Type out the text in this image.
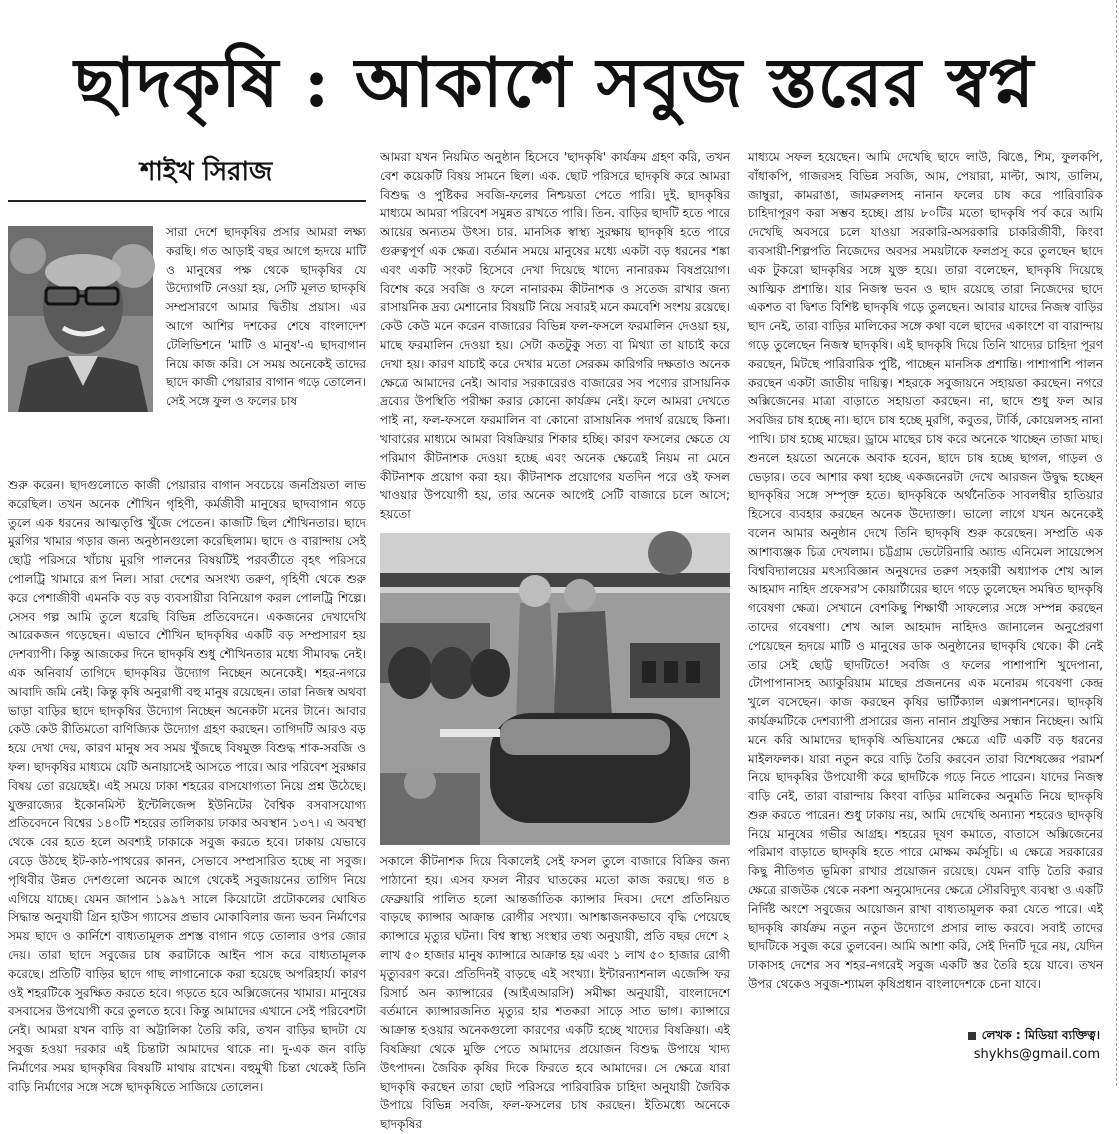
ছাদকৃষি : আকাশে সবুজ স্তরের স্বপ্ন
শাইখ সিরাজ

সারা দেশে ছাদকৃষির প্রসার আমরা লক্ষ্য করছি। গত আড়াই বছর আগে হৃদয়ে মাটি ও মানুষের পক্ষ থেকে ছাদকৃষির যে উদ্যোগটি নেওয়া হয়, সেটি মূলত ছাদকৃষি সম্প্রসারণে আমার দ্বিতীয় প্রয়াস। এর আগে আশির দশকের শেষে বাংলাদেশ টেলিভিশনে 'মাটি ও মানুষ'-এ ছাদবাগান নিয়ে কাজ করি। সে সময় অনেকেই তাদের ছাদে কাজী পেয়ারার বাগান গড়ে তোলেন। সেই সঙ্গে ফুল ও ফলের চাষ

শুরু করেন। ছাদগুলোতে কাজী পেয়ারার বাগান সবচেয়ে জনপ্রিয়তা লাভ করেছিল। তখন অনেক শৌখিন গৃহিণী, কর্মজীবী মানুষের ছাদবাগান গড়ে তুলে এক ধরনের আত্মতৃপ্তি খুঁজে পেতেন। কাজটি ছিল শৌখিনতার। ছাদে মুরগির খামার গড়ার জন্য অনুষ্ঠানগুলো করেছিলাম। ছাদে ও বারান্দায় সেই ছোট্ট পরিসরে খাঁচায় মুরগি পালনের বিষয়টিই পরবর্তীতে বৃহৎ পরিসরে পোলট্রি খামারে রূপ নিল। সারা দেশের অসংখ্য তরুণ, গৃহিণী থেকে শুরু করে পেশাজীবী এমনকি বড় বড় ব্যবসায়ীরা বিনিয়োগ করল পোলট্রি শিল্পে। সেসব গল্প আমি তুলে ধরেছি বিভিন্ন প্রতিবেদনে। একজনের দেখাদেখি আরেকজন গড়েছেন। এভাবে শৌখিন ছাদকৃষির একটি বড় সম্প্রসারণ হয় দেশব্যাপী। কিন্তু আজকের দিনে ছাদকৃষি শুধু শৌখিনতার মধ্যে সীমাবদ্ধ নেই। এক অনিবার্য তাগিদে ছাদকৃষির উদ্যোগ নিচ্ছেন অনেকেই। শহর-নগরে আবাদি জমি নেই। কিন্তু কৃষি অনুরাগী বহু মানুষ রয়েছেন। তারা নিজস্ব অথবা ভাড়া বাড়ির ছাদে ছাদকৃষির উদ্যোগ নিচ্ছেন অনেকটা মনের টানে। আবার কেউ কেউ রীতিমতো বাণিজ্যিক উদ্যোগ গ্রহণ করছেন। তাগিদটি আরও বড় হয়ে দেখা দেয়, কারণ মানুষ সব সময় খুঁজছে বিষমুক্ত বিশুদ্ধ শাক-সবজি ও ফল। ছাদকৃষির মাধ্যমে যেটি অনায়াসেই আসতে পারে। আর পরিবেশ সুরক্ষার বিষয় তো রয়েছেই। এই সময়ে ঢাকা শহরের বাসযোগ্যতা নিয়ে প্রশ্ন উঠেছে। যুক্তরাজ্যের ইকোনমিস্ট ইন্টেলিজেন্স ইউনিটের বৈশ্বিক বসবাসযোগ্য প্রতিবেদনে বিশ্বের ১৪০টি শহরের তালিকায় ঢাকার অবস্থান ১৩৭। এ অবস্থা থেকে বের হতে হলে অবশ্যই ঢাকাকে সবুজ করতে হবে। ঢাকায় যেভাবে বেড়ে উঠছে ইট-কাঠ-পাথরের কানন, সেভাবে সম্প্রসারিত হচ্ছে না সবুজ। পৃথিবীর উন্নত দেশগুলো অনেক আগে থেকেই সবুজায়নের তাগিদ নিয়ে এগিয়ে যাচ্ছে। যেমন জাপান ১৯৯৭ সালে কিয়োটো প্রটোকলের ঘোষিত সিদ্ধান্ত অনুযায়ী গ্রিন হাউস গ্যাসের প্রভাব মোকাবিলার জন্য ভবন নির্মাণের সময় ছাদে ও কার্নিশে বাধ্যতামূলক প্রশস্ত বাগান গড়ে তোলার ওপর জোর দেয়। তারা ছাদে সবুজের চাষ করাটাকে আইন পাস করে বাধ্যতামূলক করেছে। প্রতিটি বাড়ির ছাদে গাছ লাগানোকে করা হয়েছে অপরিহার্য। কারণ ওই শহরটিকে সুরক্ষিত করতে হবে। গড়তে হবে অক্সিজেনের খামার। মানুষের বসবাসের উপযোগী করে তুলতে হবে। কিন্তু আমাদের এখানে সেই পরিবেশটা নেই। আমরা যখন বাড়ি বা অট্টালিকা তৈরি করি, তখন বাড়ির ছাদটা যে সবুজ হওয়া দরকার এই চিন্তাটা আমাদের থাকে না। দু-এক জন বাড়ি নির্মাণের সময় ছাদকৃষির বিষয়টি মাথায় রাখেন। বহুমুখী চিন্তা থেকেই তিনি বাড়ি নির্মাণের সঙ্গে সঙ্গে ছাদকৃষিতে সাজিয়ে তোলেন।

আমরা যখন নিয়মিত অনুষ্ঠান হিসেবে 'ছাদকৃষি' কার্যক্রম গ্রহণ করি, তখন বেশ কয়েকটি বিষয় সামনে ছিল। এক. ছোট পরিসরে ছাদকৃষি করে আমরা বিশুদ্ধ ও পুষ্টিকর সবজি-ফলের নিশ্চয়তা পেতে পারি। দুই. ছাদকৃষির মাধ্যমে আমরা পরিবেশ সমুন্নত রাখতে পারি। তিন. বাড়ির ছাদটি হতে পারে আয়ের অন্যতম উৎস। চার. মানসিক স্বাস্থ্য সুরক্ষায় ছাদকৃষি হতে পারে গুরুত্বপূর্ণ এক ক্ষেত্র। বর্তমান সময়ে মানুষের মধ্যে একটা বড় ধরনের শঙ্কা এবং একটি সংকট হিসেবে দেখা দিয়েছে খাদ্যে নানারকম বিষপ্রয়োগ। বিশেষ করে সবজি ও ফলে নানারকম কীটনাশক ও সতেজ রাখার জন্য রাসায়নিক দ্রব্য মেশানোর বিষয়টি নিয়ে সবারই মনে কমবেশি সংশয় রয়েছে। কেউ কেউ মনে করেন বাজারের বিভিন্ন ফল-ফসলে ফরমালিন দেওয়া হয়, মাছে ফরমালিন দেওয়া হয়। সেটা কতটুকু সত্য বা মিথ্যা তা যাচাই করে দেখা হয়। কারণ যাচাই করে দেখার মতো সেরকম কারিগরি দক্ষতাও অনেক ক্ষেত্রে আমাদের নেই। আবার সরকারেরও বাজারের সব পণ্যের রাসায়নিক দ্রব্যের উপস্থিতি পরীক্ষা করার কোনো কার্যক্রম নেই। ফলে আমরা দেখতে পাই না, ফল-ফসলে ফরমালিন বা কোনো রাসায়নিক পদার্থ রয়েছে কিনা। খাবারের মাধ্যমে আমরা বিষক্রিয়ার শিকার হচ্ছি। কারণ ফসলের ক্ষেতে যে পরিমাণ কীটনাশক দেওয়া হচ্ছে এবং অনেক ক্ষেত্রেই নিয়ম না মেনে কীটনাশক প্রয়োগ করা হয়। কীটনাশক প্রয়োগের যতদিন পরে ওই ফসল খাওয়ার উপযোগী হয়, তার অনেক আগেই সেটি বাজারে চলে আসে; হয়তো

সকালে কীটনাশক দিয়ে বিকালেই সেই ফসল তুলে বাজারে বিক্রির জন্য পাঠানো হয়। এসব ফসল নীরব ঘাতকের মতো কাজ করছে। গত ৪ ফেব্রুয়ারি পালিত হলো আন্তর্জাতিক ক্যান্সার দিবস। দেশে প্রতিনিয়ত বাড়ছে ক্যান্সার আক্রান্ত রোগীর সংখ্যা। আশঙ্কাজনকভাবে বৃদ্ধি পেয়েছে ক্যান্সারে মৃত্যুর ঘটনা। বিশ্ব স্বাস্থ্য সংস্থার তথ্য অনুযায়ী, প্রতি বছর দেশে ২ লাখ ৫০ হাজার মানুষ ক্যান্সারে আক্রান্ত হয় এবং ১ লাখ ৫০ হাজার রোগী মৃত্যুবরণ করে। প্রতিদিনই বাড়ছে এই সংখ্যা। ইন্টারন্যাশনাল এজেন্সি ফর রিসার্চ অন ক্যান্সারের (আইএআরসি) সমীক্ষা অনুযায়ী, বাংলাদেশে বর্তমানে ক্যান্সারজনিত মৃত্যুর হার শতকরা সাড়ে সাত ভাগ। ক্যান্সারে আক্রান্ত হওয়ার অনেকগুলো কারণের একটি হচ্ছে খাদ্যের বিষক্রিয়া। এই বিষক্রিয়া থেকে মুক্তি পেতে আমাদের প্রয়োজন বিশুদ্ধ উপায়ে খাদ্য উৎপাদন। জৈবিক কৃষির দিকে ফিরতে হবে আমাদের। সে ক্ষেত্রে যারা ছাদকৃষি করছেন তারা ছোট পরিসরে পারিবারিক চাহিদা অনুযায়ী জৈবিক উপায়ে বিভিন্ন সবজি, ফল-ফসলের চাষ করছেন। ইতিমধ্যে অনেকে ছাদকৃষির

মাধ্যমে সফল হয়েছেন। আমি দেখেছি ছাদে লাউ, ঝিঙে, শিম, ফুলকপি, বাঁধাকপি, গাজরসহ বিভিন্ন সবজি, আম, পেয়ারা, মাল্টা, আখ, ডালিম, জাম্বুরা, কামরাঙা, জামরুলসহ নানান ফলের চাষ করে পারিবারিক চাহিদাপূরণ করা সম্ভব হচ্ছে। প্রায় ৮০টির মতো ছাদকৃষি পর্ব করে আমি দেখেছি অবসরে চলে যাওয়া সরকারি-অসরকারি চাকরিজীবী, কিংবা ব্যবসায়ী-শিল্পপতি নিজেদের অবসর সময়টাকে ফলপ্রসূ করে তুলছেন ছাদে এক টুকরো ছাদকৃষির সঙ্গে যুক্ত হয়ে। তারা বলেছেন, ছাদকৃষি দিয়েছে আত্মিক প্রশান্তি। যার নিজস্ব ভবন ও ছাদ রয়েছে তারা নিজেদের ছাদে একশত বা দ্বিশত বিশিষ্ট ছাদকৃষি গড়ে তুলছেন। আবার যাদের নিজস্ব বাড়ির ছাদ নেই, তারা বাড়ির মালিকের সঙ্গে কথা বলে ছাদের একাংশে বা বারান্দায় গড়ে তুলেছেন নিজস্ব ছাদকৃষি। এই ছাদকৃষি দিয়ে তিনি খাদ্যের চাহিদা পূরণ করছেন, মিটছে পারিবারিক পুষ্টি, পাচ্ছেন মানসিক প্রশান্তি। পাশাপাশি পালন করছেন একটা জাতীয় দায়িত্ব। শহরকে সবুজায়নে সহায়তা করছেন। নগরে অক্সিজেনের মাত্রা বাড়াতে সহায়তা করছেন। না, ছাদে শুধু ফল আর সবজির চাষ হচ্ছে না। ছাদে চাষ হচ্ছে মুরগি, কবুতর, টার্কি, কোয়েলসহ নানা পাখি। চাষ হচ্ছে মাছের। ড্রামে মাছের চাষ করে অনেকে খাচ্ছেন তাজা মাছ। শুনলে হয়তো অনেকে অবাক হবেন, ছাদে চাষ হচ্ছে ছাগল, গাড়ল ও ভেড়ার। তবে আশার কথা হচ্ছে একজনেরটা দেখে আরজন উদ্বুদ্ধ হচ্ছেন ছাদকৃষির সঙ্গে সম্পৃক্ত হতে। ছাদকৃষিকে অর্থনৈতিক সাবলম্বীর হাতিয়ার হিসেবে ব্যবহার করছেন অনেক উদ্যোক্তা। ভালো লাগে যখন অনেকেই বলেন আমার অনুষ্ঠান দেখে তিনি ছাদকৃষি শুরু করেছেন। সম্প্রতি এক আশাব্যঞ্জক চিত্র দেখলাম। চট্টগ্রাম ভেটেরিনারি অ্যান্ড এনিমেল সায়েন্সেস বিশ্ববিদ্যালয়ের মৎস্যবিজ্ঞান অনুষদের তরুণ সহকারী অধ্যাপক শেখ আল আহমাদ নাহিদ প্রফেসর'স কোয়ার্টারের ছাদে গড়ে তুলেছেন সমন্বিত ছাদকৃষি গবেষণা ক্ষেত্র। সেখানে বেশকিছু শিক্ষার্থী সাফল্যের সঙ্গে সম্পন্ন করছেন তাদের গবেষণা। শেখ আল আহমাদ নাহিদও জানালেন অনুপ্রেরণা পেয়েছেন হৃদয়ে মাটি ও মানুষের ডাক অনুষ্ঠানের ছাদকৃষি থেকে। কী নেই তার সেই ছোট্ট ছাদটিতে! সবজি ও ফলের পাশাপাশি খুদেপানা, টোপাপানাসহ অ্যাকুরিয়াম মাছের প্রজননের এক মনোরম গবেষণা কেন্দ্র খুলে বসেছেন। কাজ করছেন কৃষির ভার্টিক্যাল এক্সপানশনের। ছাদকৃষি কার্যক্রমটিকে দেশব্যাপী প্রসারের জন্য নানান প্রযুক্তির সন্ধান নিচ্ছেন। আমি মনে করি আমাদের ছাদকৃষি অভিযানের ক্ষেত্রে এটি একটি বড় ধরনের মাইলফলক। যারা নতুন করে বাড়ি তৈরি করবেন তারা বিশেষজ্ঞের পরামর্শ নিয়ে ছাদকৃষির উপযোগী করে ছাদটিকে গড়ে নিতে পারেন। যাদের নিজস্ব বাড়ি নেই, তারা বারান্দায় কিংবা বাড়ির মালিকের অনুমতি নিয়ে ছাদকৃষি শুরু করতে পারেন। শুধু ঢাকায় নয়, আমি দেখেছি অন্যান্য শহরেও ছাদকৃষি নিয়ে মানুষের গভীর আগ্রহ। শহরের দূষণ কমাতে, বাতাসে অক্সিজেনের পরিমাণ বাড়াতে ছাদকৃষি হতে পারে মোক্ষম কর্মসূচি। এ ক্ষেত্রে সরকারের কিছু নীতিগত ভূমিকা রাখার প্রয়োজন রয়েছে। যেমন বাড়ি তৈরি করার ক্ষেত্রে রাজউক থেকে নকশা অনুমোদনের ক্ষেত্রে সৌরবিদ্যুৎ ব্যবস্থা ও একটি নির্দিষ্ট অংশে সবুজের আয়োজন রাখা বাধ্যতামূলক করা যেতে পারে। এই ছাদকৃষি কার্যক্রম নতুন নতুন উদ্যোগে প্রসার লাভ করবে। সবাই তাদের ছাদটিকে সবুজ করে তুলবেন। আমি আশা করি, সেই দিনটি দূরে নয়, যেদিন ঢাকাসহ দেশের সব শহর-নগরেই সবুজ একটি স্তর তৈরি হয়ে যাবে। তখন উপর থেকেও সবুজ-শ্যামল কৃষিপ্রধান বাংলাদেশকে চেনা যাবে।

লেখক : মিডিয়া ব্যক্তিত্ব।
shykhs@gmail.com
